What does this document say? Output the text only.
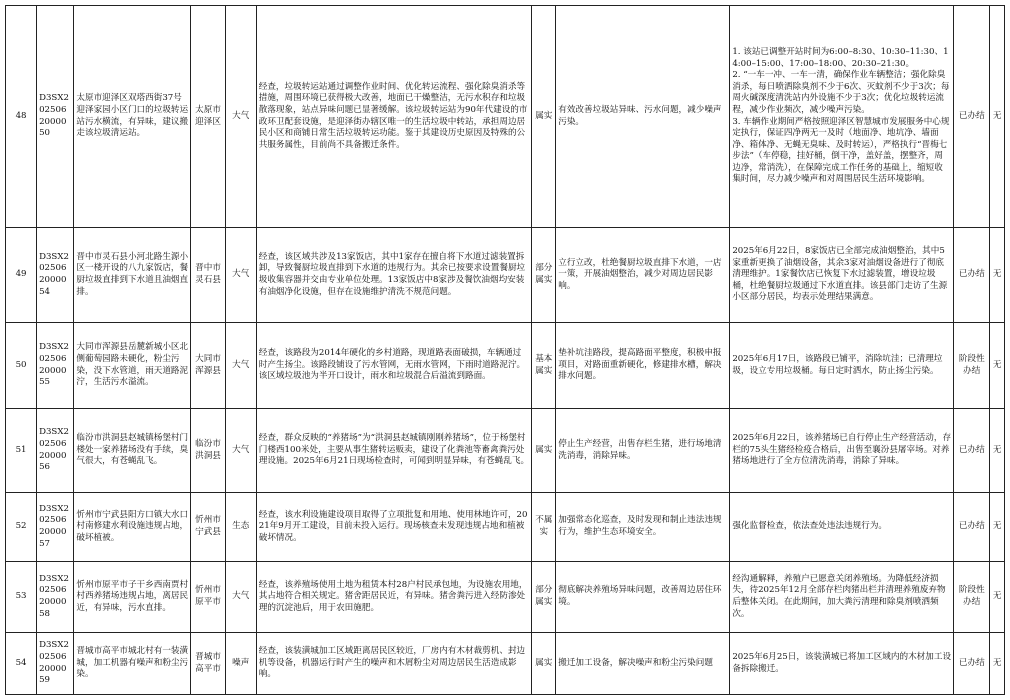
48	D3SX2025062000050	太原市迎泽区双塔西街37号迎泽家园小区门口的垃圾转运站污水横流，有异味，建议搬走该垃圾清运站。	太原市迎泽区	大气	经查，垃圾转运站通过调整作业时间、优化转运流程、强化除臭消杀等措施，周围环境已获得极大改善，地面已干燥整洁，无污水积存和垃圾散落现象，站点异味问题已显著缓解。该垃圾转运站为90年代建设的市政环卫配套设施，是迎泽街办辖区唯一的生活垃圾中转站，承担周边居民小区和商铺日常生活垃圾转运功能。鉴于其建设历史原因及特殊的公共服务属性，目前尚不具备搬迁条件。	属实	有效改善垃圾站异味、污水问题，减少噪声污染。	1. 该站已调整开站时间为6:00–8:30、10:30–11:30、14:00–15:00、17:00–18:00、20:30–21:30。
2. “一车一冲、一车一清，确保作业车辆整洁；强化除臭消杀，每日喷洒除臭剂不少于6次、灭蚊剂不少于3次；每周火碱深度清洗站内外设施不少于3次；优化垃圾转运流程，减少作业频次，减少噪声污染。
3. 车辆作业期间严格按照迎泽区智慧城市发展服务中心规定执行，保证四净两无一及时（地面净、地坑净、墙面净、箱体净、无蝇无臭味、及时转运），严格执行“晋梅七步法”（车停稳，挂好桶，倒干净，盖好盖，摆整齐，周边净，常消洗），在保障完成工作任务的基础上，缩短收集时间，尽力减少噪声和对周围居民生活环境影响。	已办结	无
49	D3SX2025062000054	晋中市灵石县小河北路生源小区一楼开设的八九家饭店，餐厨垃圾直排到下水道且油烟直排。	晋中市灵石县	大气	经查，该区域共涉及13家饭店，其中1家存在擅自将下水道过滤装置拆卸，导致餐厨垃圾直排到下水道的违规行为。其余已按要求设置餐厨垃圾收集容器并交由专业单位处理。13家饭店中8家涉及餐饮油烟均安装有油烟净化设施，但存在设施维护清洗不规范问题。	部分属实	立行立改，杜绝餐厨垃圾直排下水道，一店一策，开展油烟整治，减少对周边居民影响。	2025年6月22日，8家饭店已全部完成油烟整治，其中5家重新更换了油烟设备，其余3家对油烟设备进行了彻底清理维护。1家餐饮店已恢复下水过滤装置，增设垃圾桶，杜绝餐厨垃圾通过下水道直排。该县部门走访了生源小区部分居民，均表示处理结果满意。	已办结	无
50	D3SX2025062000055	大同市浑源县岳麓新城小区北侧葡萄园路未硬化，粉尘污染，没下水管道，雨天道路泥泞，生活污水溢流。	大同市浑源县	大气	经查，该路段为2014年硬化的乡村道路，现道路表面破损，车辆通过时产生扬尘。该路段铺设了污水管网，无雨水管网，下雨时道路泥泞。该区域垃圾池为半开口设计，雨水和垃圾混合后溢流到路面。	基本属实	垫补坑洼路段，提高路面平整度，积极申报项目，对路面重新硬化，修建排水槽，解决排水问题。	2025年6月17日，该路段已铺平，消除坑洼；已清理垃圾，设立专用垃圾桶。每日定时洒水，防止扬尘污染。	阶段性办结	无
51	D3SX2025062000056	临汾市洪洞县赵城镇杨堡村门楼处一家养猪场没有手续，臭气很大，有苍蝇乱飞。	临汾市洪洞县	大气	经查，群众反映的“养猪场”为“洪洞县赵城镇刚刚养猪场”，位于杨堡村门楼西100米处，主要从事生猪转运贩卖，建设了化粪池等畜禽粪污处理设施。2025年6月21日现场检查时，可闻到明显异味，有苍蝇乱飞。	属实	停止生产经营，出售存栏生猪，进行场地清洗消毒，消除异味。	2025年6月22日，该养猪场已自行停止生产经营活动，存栏的75头生猪经检疫合格后，出售至襄汾县屠宰场。对养猪场地进行了全方位清洗消毒，消除了异味。	已办结	无
52	D3SX2025062000057	忻州市宁武县阳方口镇大水口村南修建水利设施违规占地，破坏植被。	忻州市宁武县	生态	经查，该水利设施建设项目取得了立项批复和用地、使用林地许可，2021年9月开工建设，目前未投入运行。现场核查未发现违规占地和植被破坏情况。	不属实	加强常态化巡查，及时发现和制止违法违规行为，维护生态环境安全。	强化监督检查，依法查处违法违规行为。	已办结	无
53	D3SX2025062000058	忻州市原平市子干乡西南贾村村西养猪场违规占地，离居民近，有异味，污水直排。	忻州市原平市	大气	经查，该养殖场使用土地为租赁本村28户村民承包地，为设施农用地，其占地符合相关规定。猪舍距居民近，有异味。猪舍粪污进入经防渗处理的沉淀池后，用于农田施肥。	部分属实	彻底解决养殖场异味问题，改善周边居住环境。	经沟通解释，养殖户已愿意关闭养殖场。为降低经济损失，待2025年12月全部存栏肉猪出栏并清理养殖废弃物后整体关闭。在此期间，加大粪污清理和除臭剂喷洒频次。	阶段性办结	无
54	D3SX2025062000059	晋城市高平市城北村有一装潢城，加工机器有噪声和粉尘污染。	晋城市高平市	噪声	经查，该装潢城加工区域距离居民区较近，厂房内有木材裁剪机、封边机等设备，机器运行时产生的噪声和木屑粉尘对周边居民生活造成影响。	属实	搬迁加工设备，解决噪声和粉尘污染问题	2025年6月25日，该装潢城已将加工区域内的木材加工设备拆除搬迁。	已办结	无
